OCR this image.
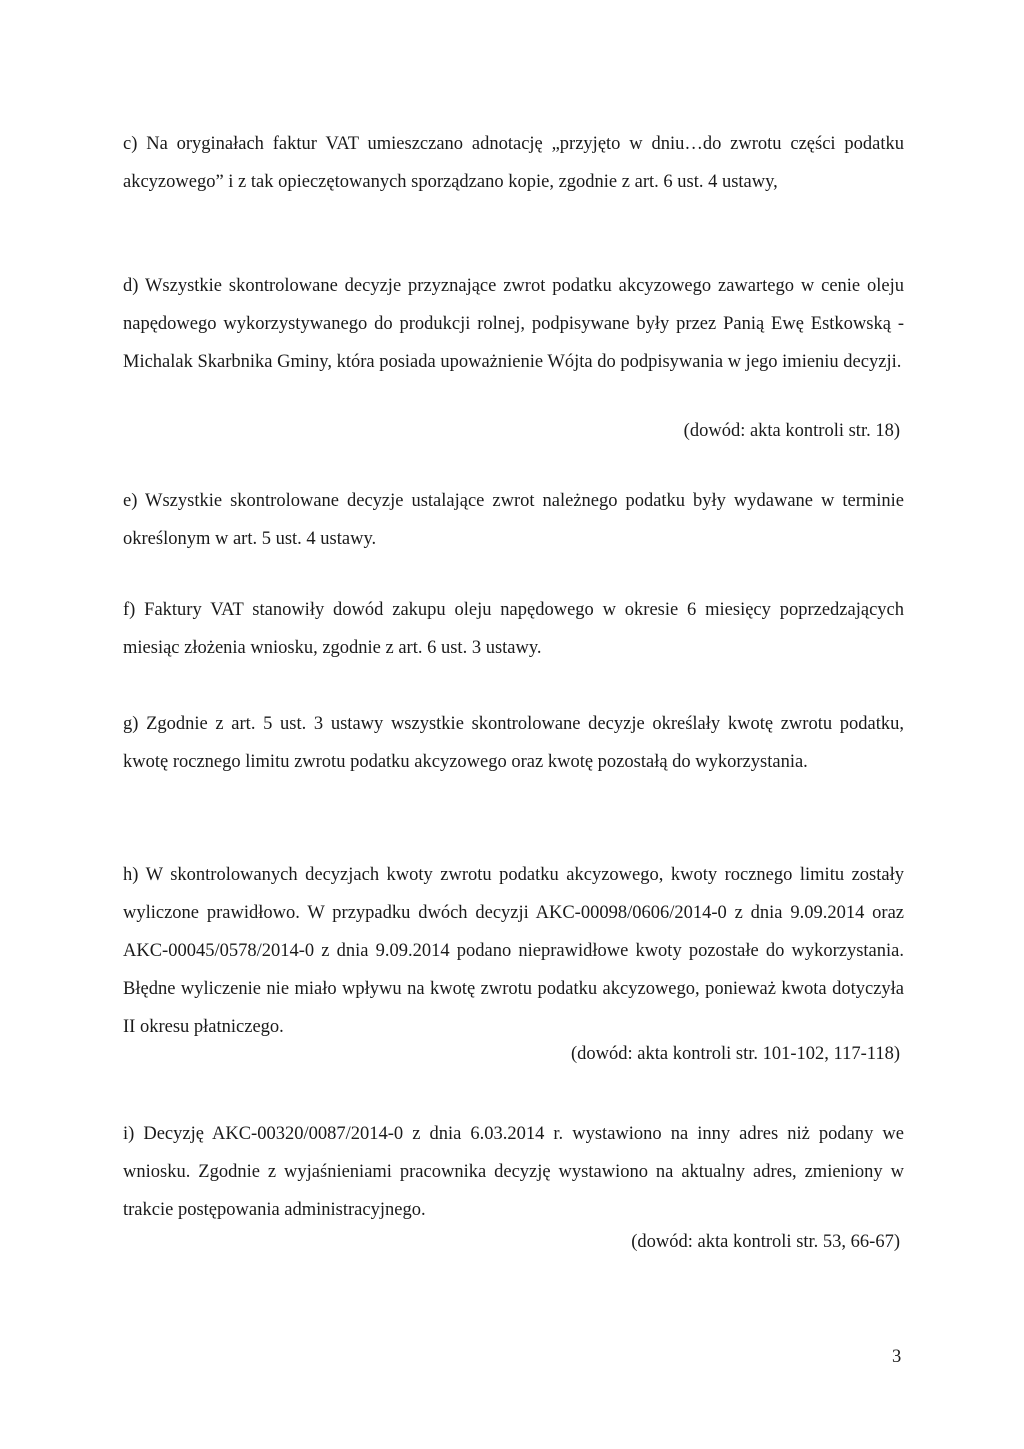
c) Na oryginałach faktur VAT umieszczano adnotację „przyjęto w dniu…do zwrotu części podatku akcyzowego” i z tak opieczętowanych sporządzano kopie, zgodnie z art. 6 ust. 4 ustawy,

d) Wszystkie skontrolowane decyzje przyznające zwrot podatku akcyzowego zawartego w cenie oleju napędowego wykorzystywanego do produkcji rolnej, podpisywane były przez Panią Ewę Estkowską - Michalak Skarbnika Gminy, która posiada upoważnienie Wójta do podpisywania w jego imieniu decyzji.

(dowód: akta kontroli str. 18)

e) Wszystkie skontrolowane decyzje ustalające zwrot należnego podatku były wydawane w terminie określonym w art. 5 ust. 4 ustawy.

f) Faktury VAT stanowiły dowód zakupu oleju napędowego w okresie 6 miesięcy poprzedzających miesiąc złożenia wniosku, zgodnie z art. 6 ust. 3 ustawy.

g) Zgodnie z art. 5 ust. 3 ustawy wszystkie skontrolowane decyzje określały kwotę zwrotu podatku, kwotę rocznego limitu zwrotu podatku akcyzowego oraz kwotę pozostałą do wykorzystania.

h) W skontrolowanych decyzjach kwoty zwrotu podatku akcyzowego, kwoty rocznego limitu zostały wyliczone prawidłowo. W przypadku dwóch decyzji AKC-00098/0606/2014-0 z dnia 9.09.2014 oraz AKC-00045/0578/2014-0 z dnia 9.09.2014 podano nieprawidłowe kwoty pozostałe do wykorzystania. Błędne wyliczenie nie miało wpływu na kwotę zwrotu podatku akcyzowego, ponieważ kwota dotyczyła II okresu płatniczego.

(dowód: akta kontroli str. 101-102, 117-118)

i) Decyzję AKC-00320/0087/2014-0 z dnia 6.03.2014 r. wystawiono na inny adres niż podany we wniosku. Zgodnie z wyjaśnieniami pracownika decyzję wystawiono na aktualny adres, zmieniony w trakcie postępowania administracyjnego.

(dowód: akta kontroli str. 53, 66-67)

3
